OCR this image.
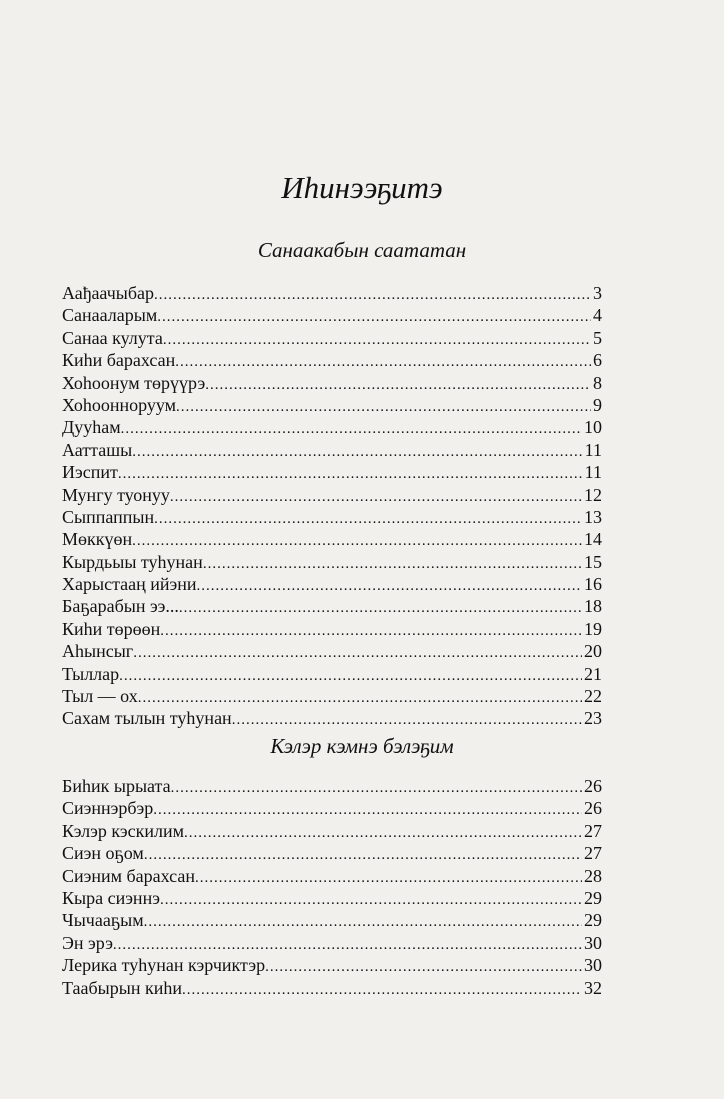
Иһинээҕитэ
Санаакабын саататан
Аађаачыбар .....	3
Санааларым .....	4
Санаа кулута .....	5
Киһи барахсан .....	6
Хоһоонум төрүүрэ .....	8
Хоһоонноруум .....	9
Дууһам .....	10
Аатташы .....	11
Иэспит .....	11
Мунгу туонуу .....	12
Сыппаппын .....	13
Мөккүөн .....	14
Кырдьыы туһунан .....	15
Харыстааң ийэни .....	16
Баҕарабын ээ... .....	18
Киһи төрөөн .....	19
Аһынсыг .....	20
Тыллар .....	21
Тыл — ох .....	22
Сахам тылын туһунан .....	23
Кэлэр кэмнэ бэлэҕим
Биһик ырыата .....	26
Сиэннэрбэр .....	26
Кэлэр кэскилим .....	27
Сиэн оҕом .....	27
Сиэним барахсан .....	28
Кыра сиэннэ .....	29
Чычааҕым .....	29
Эн эрэ .....	30
Лерика туһунан кэрчиктэр .....	30
Таабырын киһи .....	32
